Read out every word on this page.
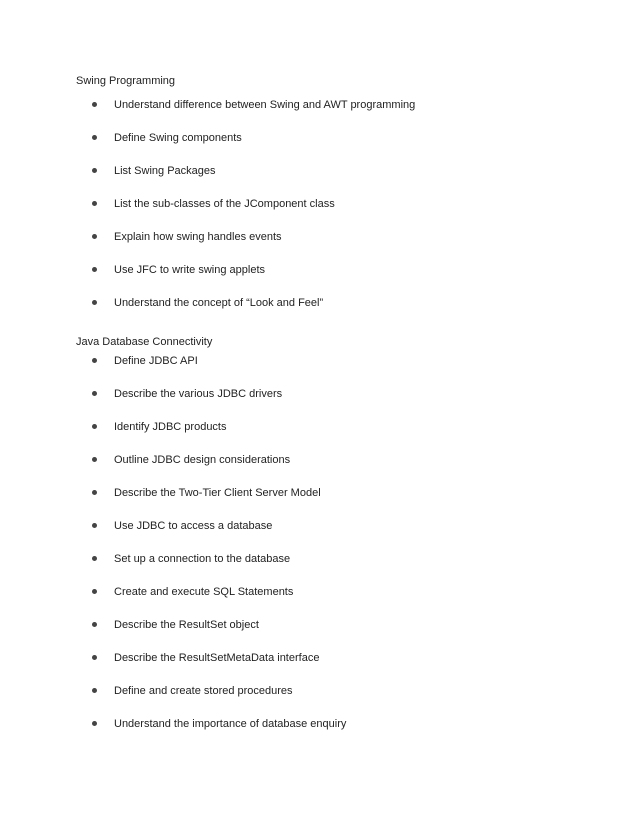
Swing Programming
Understand difference between Swing and AWT programming
Define Swing components
List Swing Packages
List the sub-classes of the JComponent class
Explain how swing handles events
Use JFC to write swing applets
Understand the concept of “Look and Feel”
Java Database Connectivity
Define JDBC API
Describe the various JDBC drivers
Identify JDBC products
Outline JDBC design considerations
Describe the Two-Tier Client Server Model
Use JDBC to access a database
Set up a connection to the database
Create and execute SQL Statements
Describe the ResultSet object
Describe the ResultSetMetaData interface
Define and create stored procedures
Understand the importance of database enquiry
